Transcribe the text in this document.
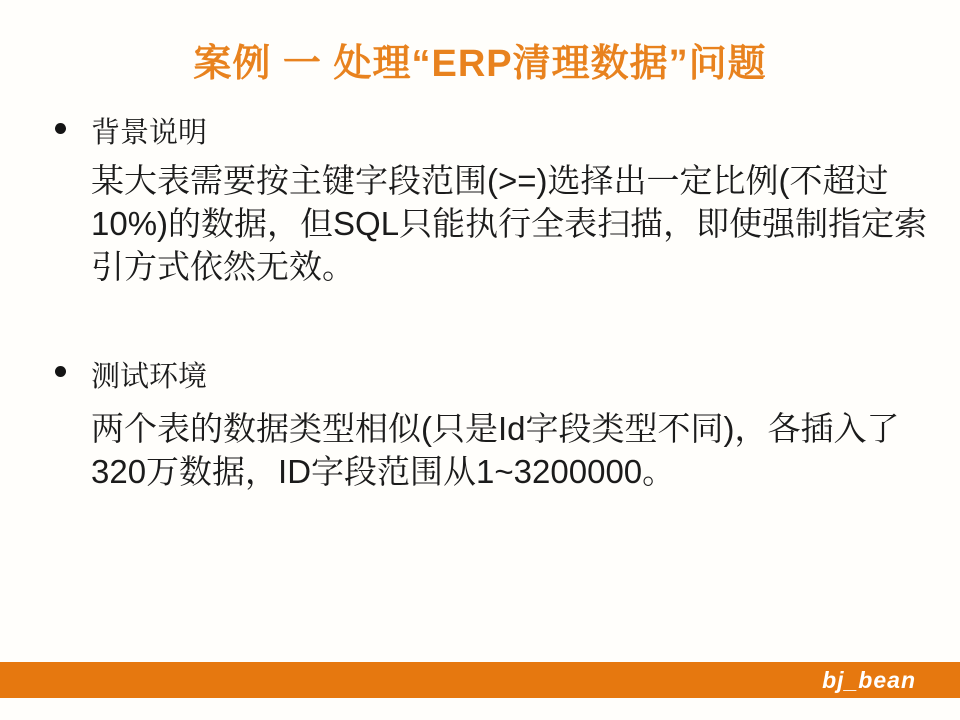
案例 一 处理“ERP清理数据”问题
背景说明
某大表需要按主键字段范围(>=)选择出一定比例(不超过
10%)的数据，但SQL只能执行全表扫描，即使强制指定索
引方式依然无效。
测试环境
两个表的数据类型相似(只是Id字段类型不同)，各插入了
320万数据，ID字段范围从1~3200000。
bj_bean
